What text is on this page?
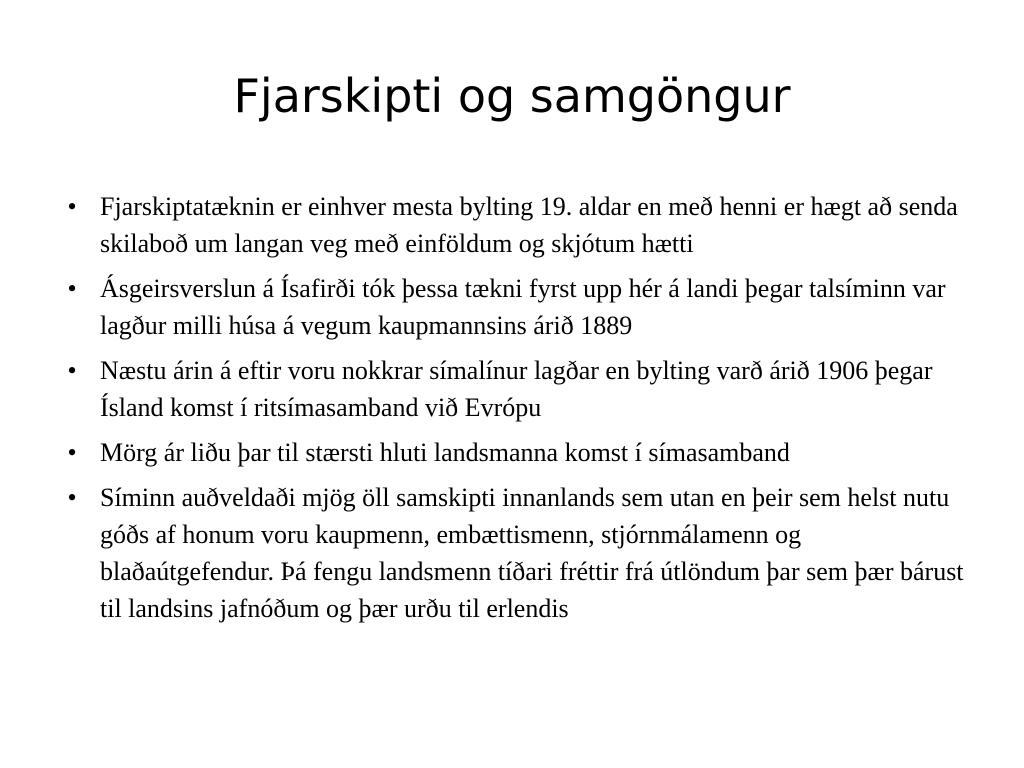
Fjarskipti og samgöngur
• Fjarskiptatæknin er einhver mesta bylting 19. aldar en með henni er hægt að senda skilaboð um langan veg með einföldum og skjótum hætti
• Ásgeirsverslun á Ísafirði tók þessa tækni fyrst upp hér á landi þegar talsíminn var lagður milli húsa á vegum kaupmannsins árið 1889
• Næstu árin á eftir voru nokkrar símalínur lagðar en bylting varð árið 1906 þegar Ísland komst í ritsímasamband við Evrópu
• Mörg ár liðu þar til stærsti hluti landsmanna komst í símasamband
• Síminn auðveldaði mjög öll samskipti innanlands sem utan en þeir sem helst nutu góðs af honum voru kaupmenn, embættismenn, stjórnmálamenn og blaðaútgefendur. Þá fengu landsmenn tíðari fréttir frá útlöndum þar sem þær bárust til landsins jafnóðum og þær urðu til erlendis
